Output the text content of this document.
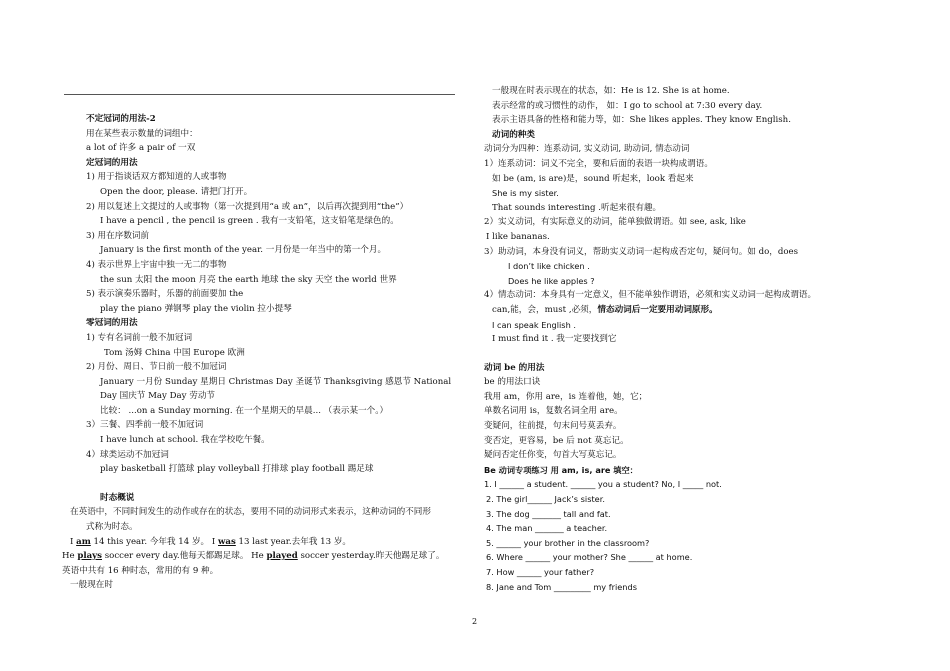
不定冠词的用法-2
用在某些表示数量的词组中：
a lot of 许多 a pair of 一双
定冠词的用法
1) 用于指谈话双方都知道的人或事物
Open the door, please. 请把门打开。
2) 用以复述上文提过的人或事物（第一次提到用“a 或 an”，以后再次提到用“the”）
I have a pencil , the pencil is green . 我有一支铅笔，这支铅笔是绿色的。
3) 用在序数词前
January is the first month of the year. 一月份是一年当中的第一个月。
4) 表示世界上宇宙中独一无二的事物
the sun 太阳 the moon 月亮 the earth 地球 the sky 天空 the world 世界
5) 表示演奏乐器时，乐器的前面要加 the
play the piano 弹钢琴 play the violin 拉小提琴
零冠词的用法
1) 专有名词前一般不加冠词
Tom 汤姆 China 中国 Europe 欧洲
2) 月份、周日、节日前一般不加冠词
January 一月份 Sunday 星期日 Christmas Day 圣诞节 Thanksgiving 感恩节 National
Day 国庆节 May Day 劳动节
比较： ...on a Sunday morning. 在一个星期天的早晨... （表示某一个。）
3）三餐、四季前一般不加冠词
I have lunch at school. 我在学校吃午餐。
4）球类运动不加冠词
play basketball 打篮球 play volleyball 打排球 play football 踢足球
时态概说
在英语中，不同时间发生的动作或存在的状态，要用不同的动词形式来表示，这种动词的不同形
式称为时态。
I am 14 this year. 今年我 14 岁。 I was 13 last year.去年我 13 岁。
He plays soccer every day.他每天都踢足球。 He played soccer yesterday.昨天他踢足球了。
英语中共有 16 种时态，常用的有 9 种。
一般现在时
一般现在时表示现在的状态，如：He is 12. She is at home.
表示经常的或习惯性的动作， 如：I go to school at 7:30 every day.
表示主语具备的性格和能力等，如：She likes apples. They know English.
动词的种类
动词分为四种：连系动词, 实义动词, 助动词, 情态动词
1）连系动词：词义不完全，要和后面的表语一块构成谓语。
如 be (am, is are)是，sound 听起来，look 看起来
She is my sister.
That sounds interesting .听起来很有趣。
2）实义动词，有实际意义的动词，能单独做谓语。如 see, ask, like
I like bananas.
3）助动词，本身没有词义，帮助实义动词一起构成否定句，疑问句。如 do，does
I don’t like chicken .
Does he like apples ?
4）情态动词：本身具有一定意义，但不能单独作谓语，必须和实义动词一起构成谓语。
can,能，会，must ,必须，情态动词后一定要用动词原形。
I can speak English .
I must find it . 我一定要找到它
动词 be 的用法
be 的用法口诀
我用 am，你用 are，is 连着他，她，它；
单数名词用 is，复数名词全用 are。
变疑问，往前提，句末问号莫丢弃。
变否定，更容易，be 后 not 莫忘记。
疑问否定任你变，句首大写莫忘记。
Be 动词专项练习 用 am, is, are 填空：
1. I ______ a student. ______ you a student? No, I _____ not.
2. The girl______ Jack’s sister.
3. The dog _______ tall and fat.
4. The man _______ a teacher.
5. ______ your brother in the classroom?
6. Where ______ your mother? She ______ at home.
7. How ______ your father?
8. Jane and Tom _________ my friends
2
